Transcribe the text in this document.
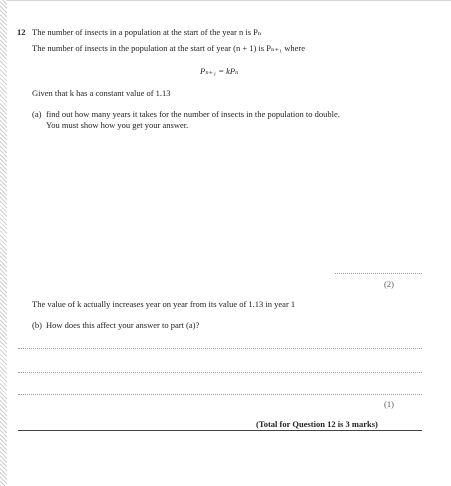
12 The number of insects in a population at the start of the year n is Pₙ
The number of insects in the population at the start of year (n + 1) is Pₙ₊₁ where
Pₙ₊₁ = kPₙ
Given that k has a constant value of 1.13
(a) find out how many years it takes for the number of insects in the population to double.
You must show how you get your answer.
(2)
The value of k actually increases year on year from its value of 1.13 in year 1
(b) How does this affect your answer to part (a)?
(1)
(Total for Question 12 is 3 marks)
